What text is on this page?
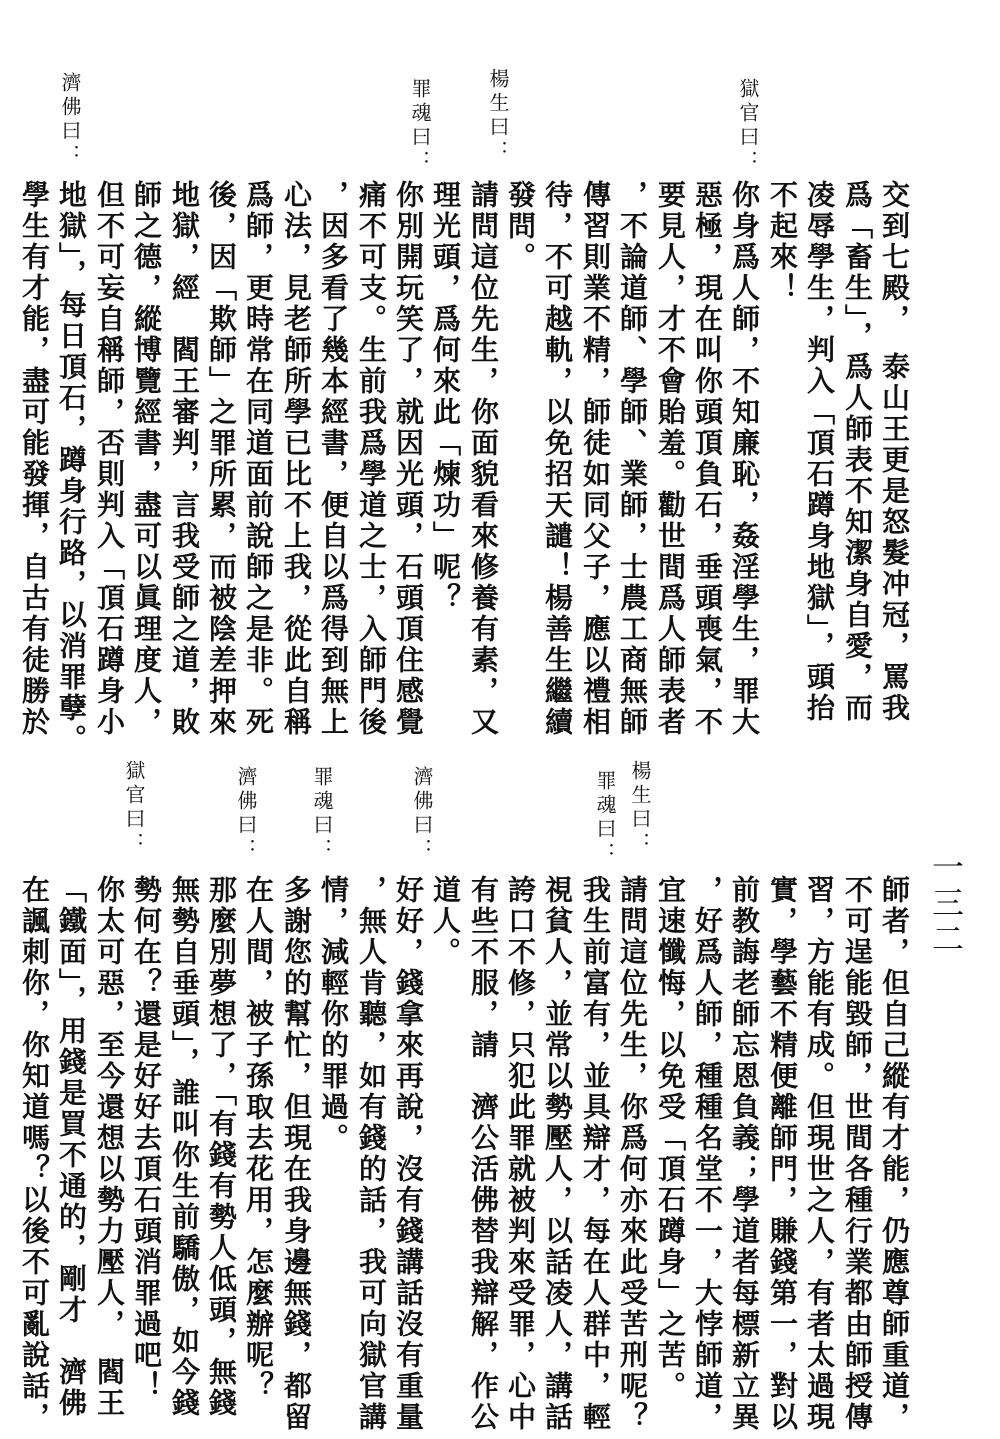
一三二
交到七殿，　泰山王更是怒髮冲冠，罵我
爲「畜生」，爲人師表不知潔身自愛，而
凌辱學生，判入「頂石蹲身地獄」，頭抬
不起來！
獄官曰：
你身爲人師，不知廉恥，姦淫學生，罪大
惡極，現在叫你頭頂負石，垂頭喪氣，不
要見人，才不會貽羞。勸世間爲人師表者
，不論道師、學師、業師，士農工商無師
傳習則業不精，師徒如同父子，應以禮相
待，不可越軌，以免招天譴！楊善生繼續
發問。
楊生曰：
請問這位先生，你面貌看來修養有素，又
理光頭，爲何來此「煉功」呢？
罪魂曰：
你別開玩笑了，就因光頭，石頭頂住感覺
痛不可支。生前我爲學道之士，入師門後
，因多看了幾本經書，便自以爲得到無上
心法，見老師所學已比不上我，從此自稱
爲師，更時常在同道面前說師之是非。死
後，因「欺師」之罪所累，而被陰差押來
地獄，經　閻王審判，言我受師之道，敗
師之德，縱博覽經書，盡可以眞理度人，
但不可妄自稱師，否則判入「頂石蹲身小
地獄」，每日頂石，蹲身行路，以消罪孽。
濟佛曰：
學生有才能，盡可能發揮，自古有徒勝於
師者，但自己縱有才能，仍應尊師重道，
不可逞能毀師，世間各種行業都由師授傳
習，方能有成。但現世之人，有者太過現
實，學藝不精便離師門，賺錢第一，對以
前教誨老師忘恩負義；學道者每標新立異
，好爲人師，種種名堂不一，大悖師道，
楊生曰：
宜速懺悔，以免受「頂石蹲身」之苦。
請問這位先生，你爲何亦來此受苦刑呢？
罪魂曰：
我生前富有，並具辯才，每在人群中，輕
視貧人，並常以勢壓人，以話凌人，講話
誇口不修，只犯此罪就被判來受罪，心中
有些不服，請　濟公活佛替我辯解，作公
道人。
濟佛曰：
好好，錢拿來再說，沒有錢講話沒有重量
，無人肯聽，如有錢的話，我可向獄官講
情，減輕你的罪過。
罪魂曰：
多謝您的幫忙，但現在我身邊無錢，都留
在人間，被子孫取去花用，怎麼辦呢？
濟佛曰：
那麼別夢想了，「有錢有勢人低頭，無錢
無勢自垂頭」，誰叫你生前驕傲，如今錢
勢何在？還是好好去頂石頭消罪過吧！
獄官曰：
你太可惡，至今還想以勢力壓人，　閻王
「鐵面」，用錢是買不通的，剛才　濟佛
在諷刺你，你知道嗎？以後不可亂說話，
